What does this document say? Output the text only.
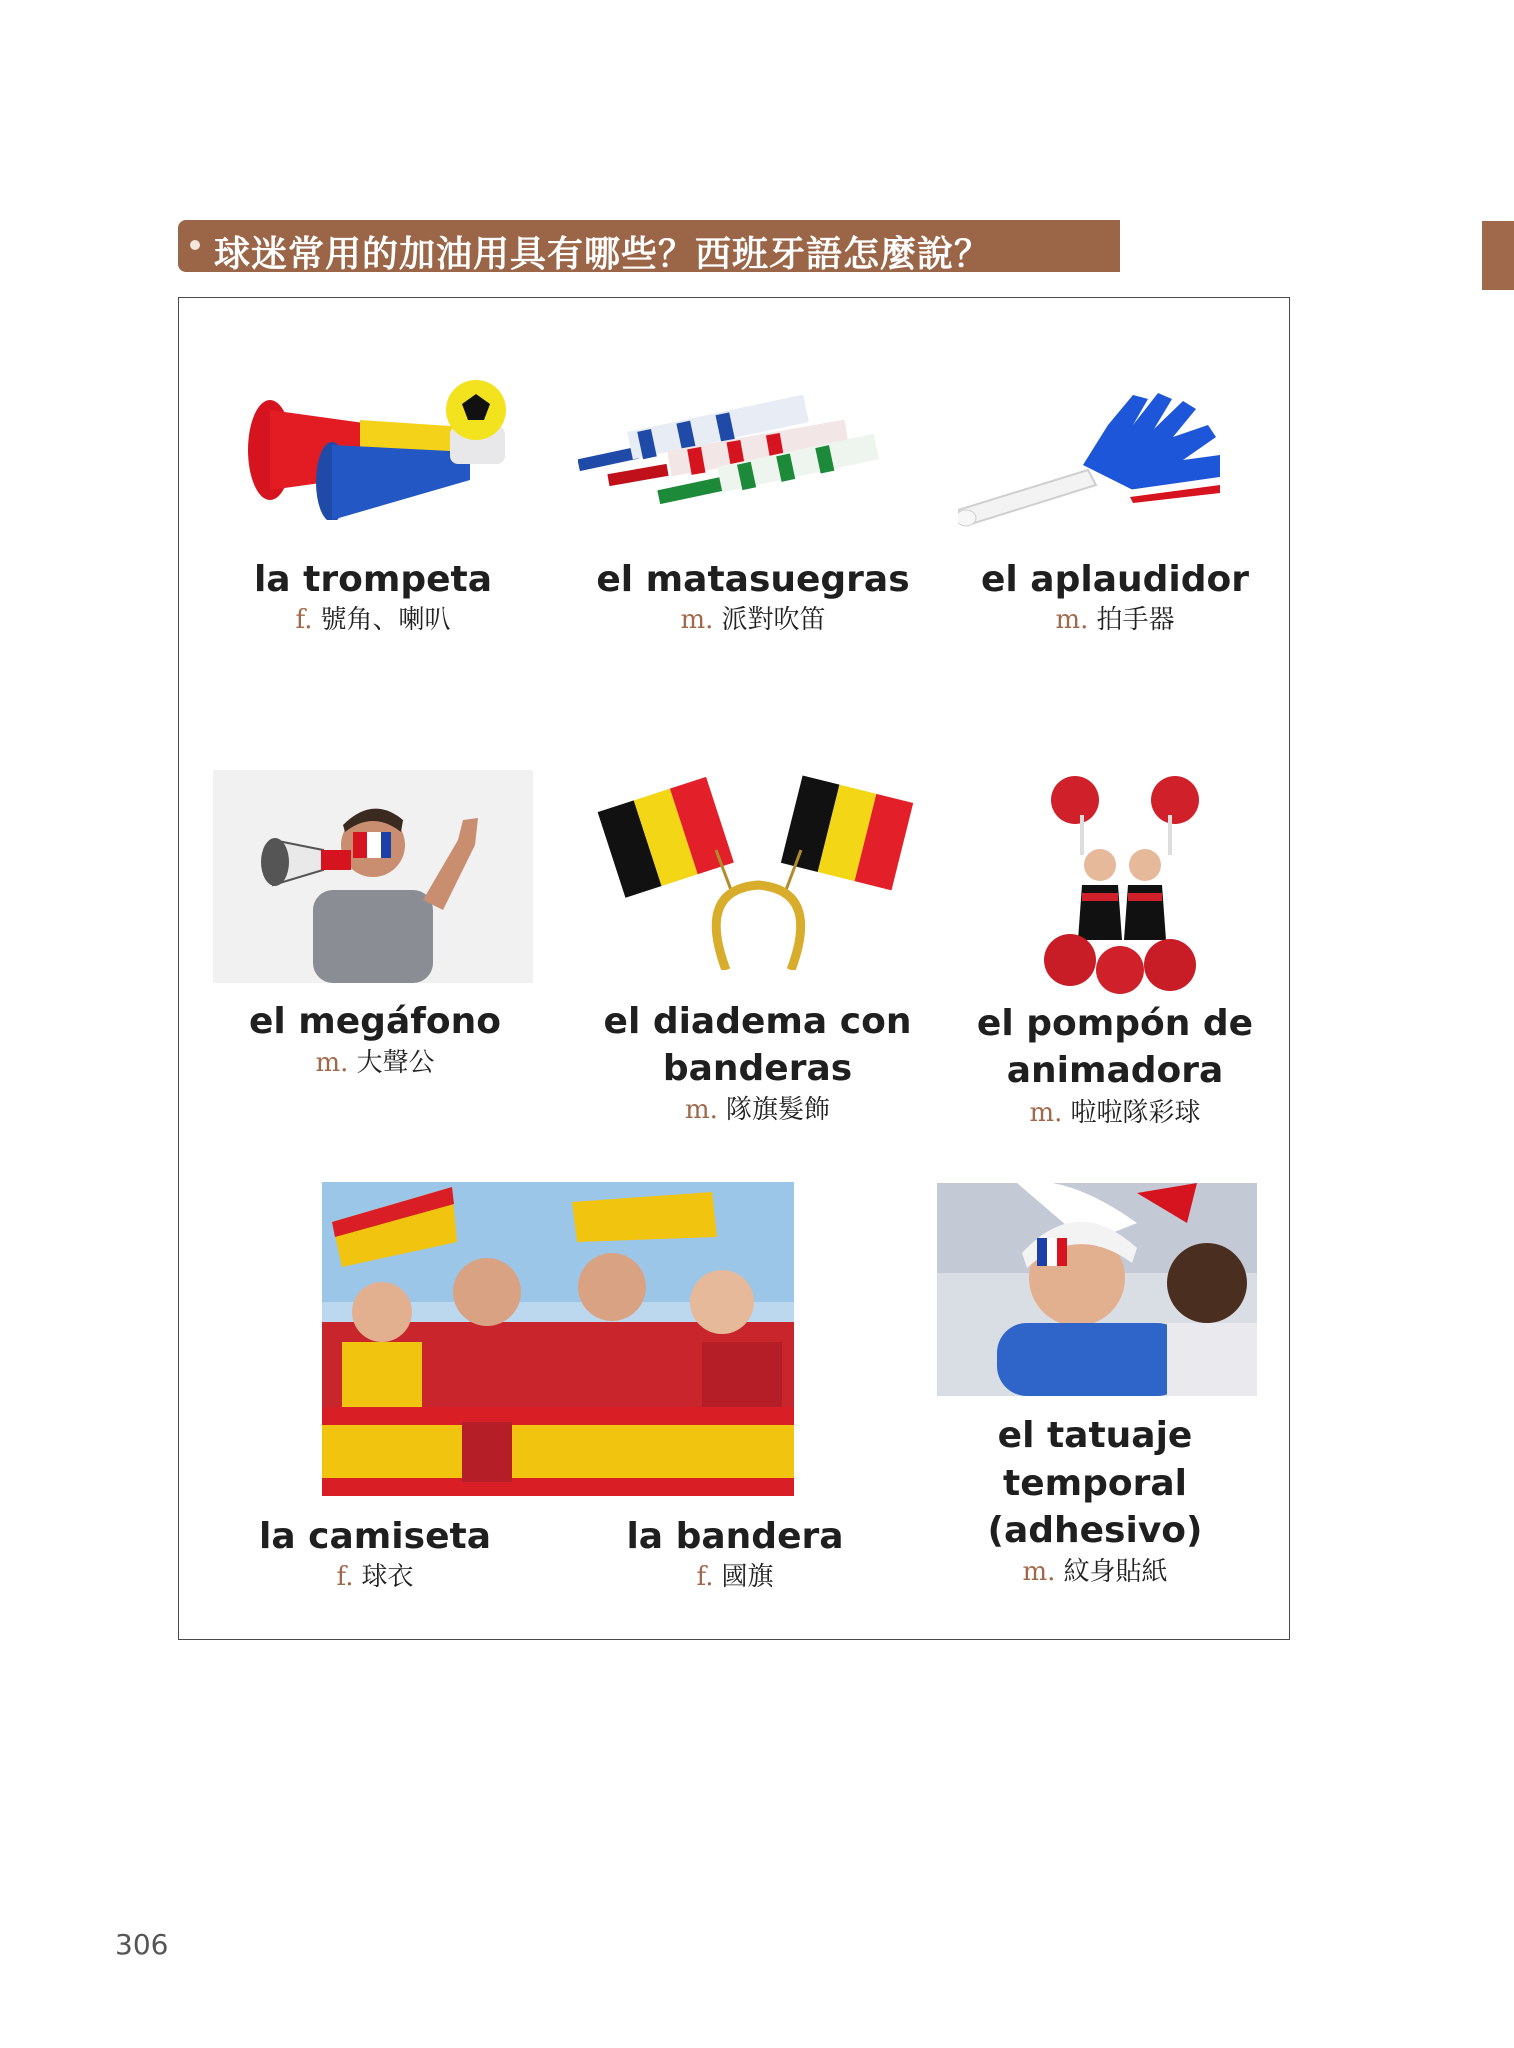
球迷常用的加油用具有哪些？西班牙語怎麼說？
la trompeta
f. 號角、喇叭
el matasuegras
m. 派對吹笛
el aplaudidor
m. 拍手器
el megáfono
m. 大聲公
el diadema con
banderas
m. 隊旗髮飾
el pompón de
animadora
m. 啦啦隊彩球
la camiseta
f. 球衣
la bandera
f. 國旗
el tatuaje
temporal
(adhesivo)
m. 紋身貼紙
306
